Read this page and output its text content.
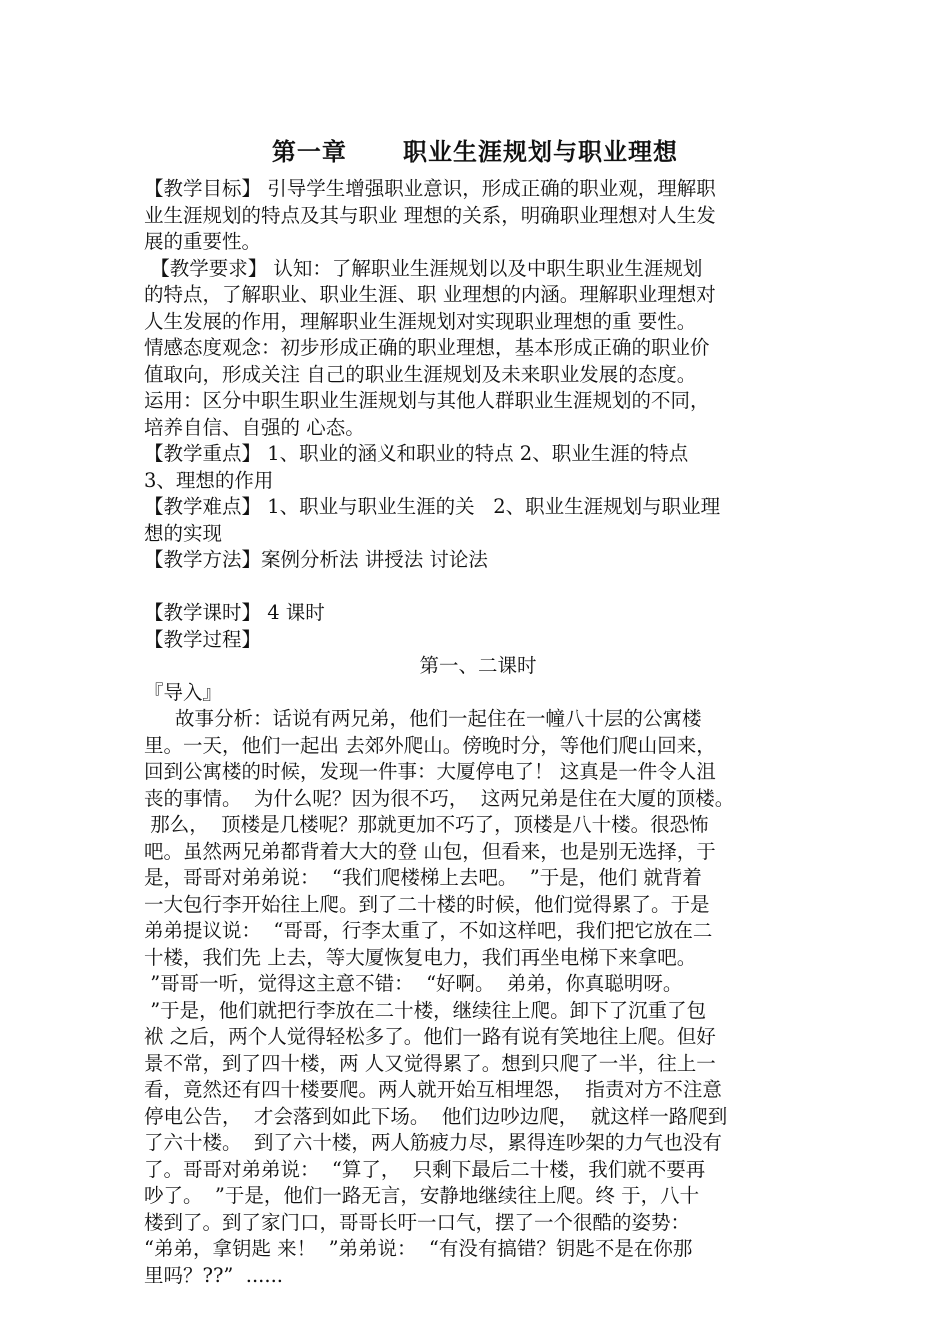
第一章      职业生涯规划与职业理想
【教学目标】 引导学生增强职业意识，形成正确的职业观，理解职
业生涯规划的特点及其与职业 理想的关系，明确职业理想对人生发
展的重要性。
【教学要求】 认知：了解职业生涯规划以及中职生职业生涯规划
的特点，了解职业、职业生涯、职 业理想的内涵。理解职业理想对
人生发展的作用，理解职业生涯规划对实现职业理想的重 要性。
情感态度观念：初步形成正确的职业理想，基本形成正确的职业价
值取向，形成关注 自己的职业生涯规划及未来职业发展的态度。
运用：区分中职生职业生涯规划与其他人群职业生涯规划的不同，
培养自信、自强的 心态。
【教学重点】 1、职业的涵义和职业的特点 2、职业生涯的特点
3、理想的作用
【教学难点】 1、职业与职业生涯的关   2、职业生涯规划与职业理
想的实现
【教学方法】案例分析法 讲授法 讨论法
【教学课时】 4 课时
【教学过程】
第一、二课时
『导入』
故事分析：话说有两兄弟，他们一起住在一幢八十层的公寓楼
里。一天，他们一起出 去郊外爬山。傍晚时分，等他们爬山回来，
回到公寓楼的时候，发现一件事：大厦停电了！ 这真是一件令人沮
丧的事情。  为什么呢？因为很不巧，  这两兄弟是住在大厦的顶楼。
那么，  顶楼是几楼呢？那就更加不巧了，顶楼是八十楼。很恐怖
吧。虽然两兄弟都背着大大的登 山包，但看来，也是别无选择，于
是，哥哥对弟弟说：  “我们爬楼梯上去吧。  ”于是，他们 就背着
一大包行李开始往上爬。到了二十楼的时候，他们觉得累了。于是
弟弟提议说：  “哥哥，行李太重了，不如这样吧，我们把它放在二
十楼，我们先 上去，等大厦恢复电力，我们再坐电梯下来拿吧。
”哥哥一听，觉得这主意不错：  “好啊。  弟弟，你真聪明呀。
”于是，他们就把行李放在二十楼，继续往上爬。卸下了沉重了包
袱 之后，两个人觉得轻松多了。他们一路有说有笑地往上爬。但好
景不常，到了四十楼，两 人又觉得累了。想到只爬了一半，往上一
看，竟然还有四十楼要爬。两人就开始互相埋怨，  指责对方不注意
停电公告，  才会落到如此下场。  他们边吵边爬，  就这样一路爬到
了六十楼。  到了六十楼，两人筋疲力尽，累得连吵架的力气也没有
了。哥哥对弟弟说：  “算了，  只剩下最后二十楼，我们就不要再
吵了。  ”于是，他们一路无言，安静地继续往上爬。终 于，八十
楼到了。到了家门口，哥哥长吁一口气，摆了一个很酷的姿势：
“弟弟，拿钥匙 来！  ”弟弟说：  “有没有搞错？钥匙不是在你那
里吗？??”  ......
